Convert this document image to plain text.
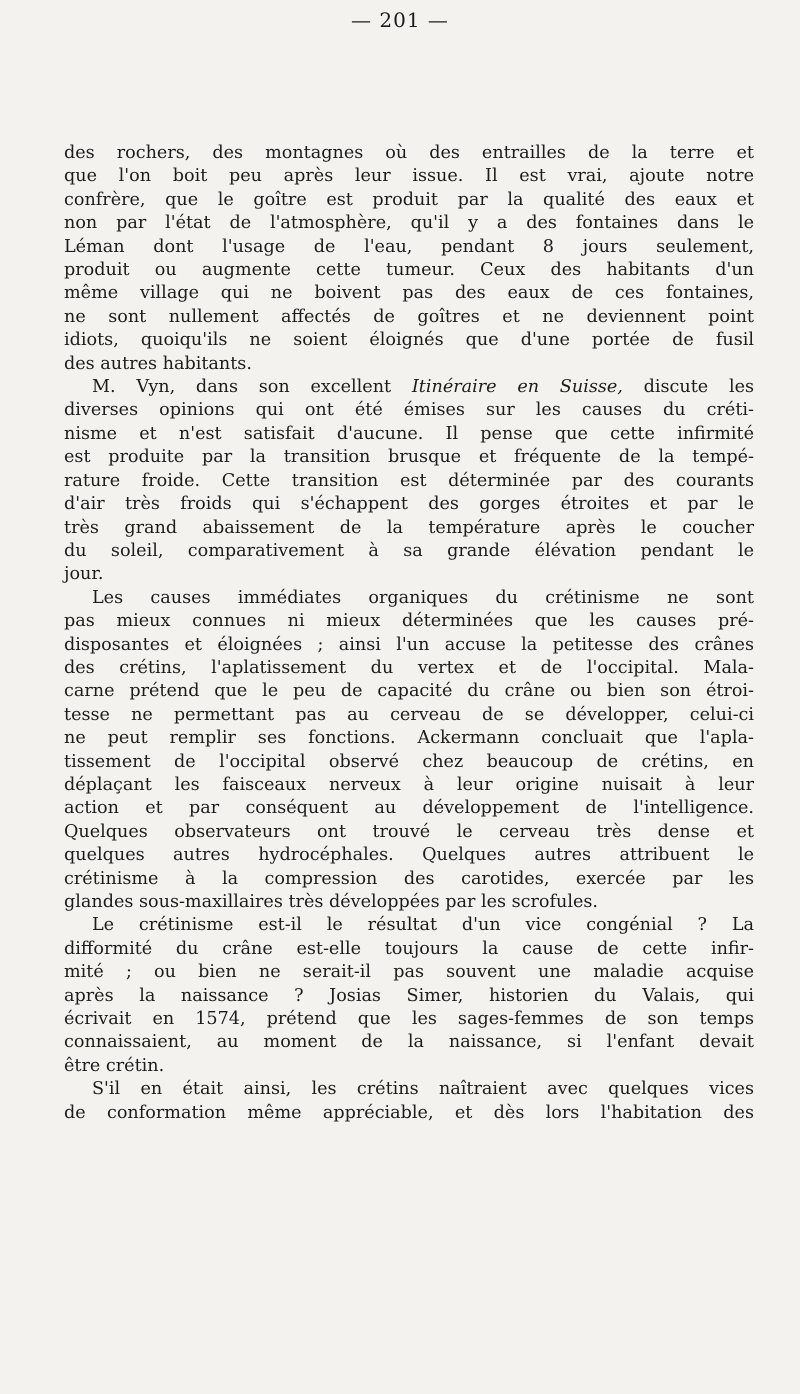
— 201 —
des rochers, des montagnes où des entrailles de la terre et
que l'on boit peu après leur issue. Il est vrai, ajoute notre
confrère, que le goître est produit par la qualité des eaux et
non par l'état de l'atmosphère, qu'il y a des fontaines dans le
Léman dont l'usage de l'eau, pendant 8 jours seulement,
produit ou augmente cette tumeur. Ceux des habitants d'un
même village qui ne boivent pas des eaux de ces fontaines,
ne sont nullement affectés de goîtres et ne deviennent point
idiots, quoiqu'ils ne soient éloignés que d'une portée de fusil
des autres habitants.
M. Vyn, dans son excellent Itinéraire en Suisse, discute les
diverses opinions qui ont été émises sur les causes du créti-
nisme et n'est satisfait d'aucune. Il pense que cette infirmité
est produite par la transition brusque et fréquente de la tempé-
rature froide. Cette transition est déterminée par des courants
d'air très froids qui s'échappent des gorges étroites et par le
très grand abaissement de la température après le coucher
du soleil, comparativement à sa grande élévation pendant le
jour.
Les causes immédiates organiques du crétinisme ne sont
pas mieux connues ni mieux déterminées que les causes pré-
disposantes et éloignées ; ainsi l'un accuse la petitesse des crânes
des crétins, l'aplatissement du vertex et de l'occipital. Mala-
carne prétend que le peu de capacité du crâne ou bien son étroi-
tesse ne permettant pas au cerveau de se développer, celui-ci
ne peut remplir ses fonctions. Ackermann concluait que l'apla-
tissement de l'occipital observé chez beaucoup de crétins, en
déplaçant les faisceaux nerveux à leur origine nuisait à leur
action et par conséquent au développement de l'intelligence.
Quelques observateurs ont trouvé le cerveau très dense et
quelques autres hydrocéphales. Quelques autres attribuent le
crétinisme à la compression des carotides, exercée par les
glandes sous-maxillaires très développées par les scrofules.
Le crétinisme est-il le résultat d'un vice congénial ? La
difformité du crâne est-elle toujours la cause de cette infir-
mité ; ou bien ne serait-il pas souvent une maladie acquise
après la naissance ? Josias Simer, historien du Valais, qui
écrivait en 1574, prétend que les sages-femmes de son temps
connaissaient, au moment de la naissance, si l'enfant devait
être crétin.
S'il en était ainsi, les crétins naîtraient avec quelques vices
de conformation même appréciable, et dès lors l'habitation des
